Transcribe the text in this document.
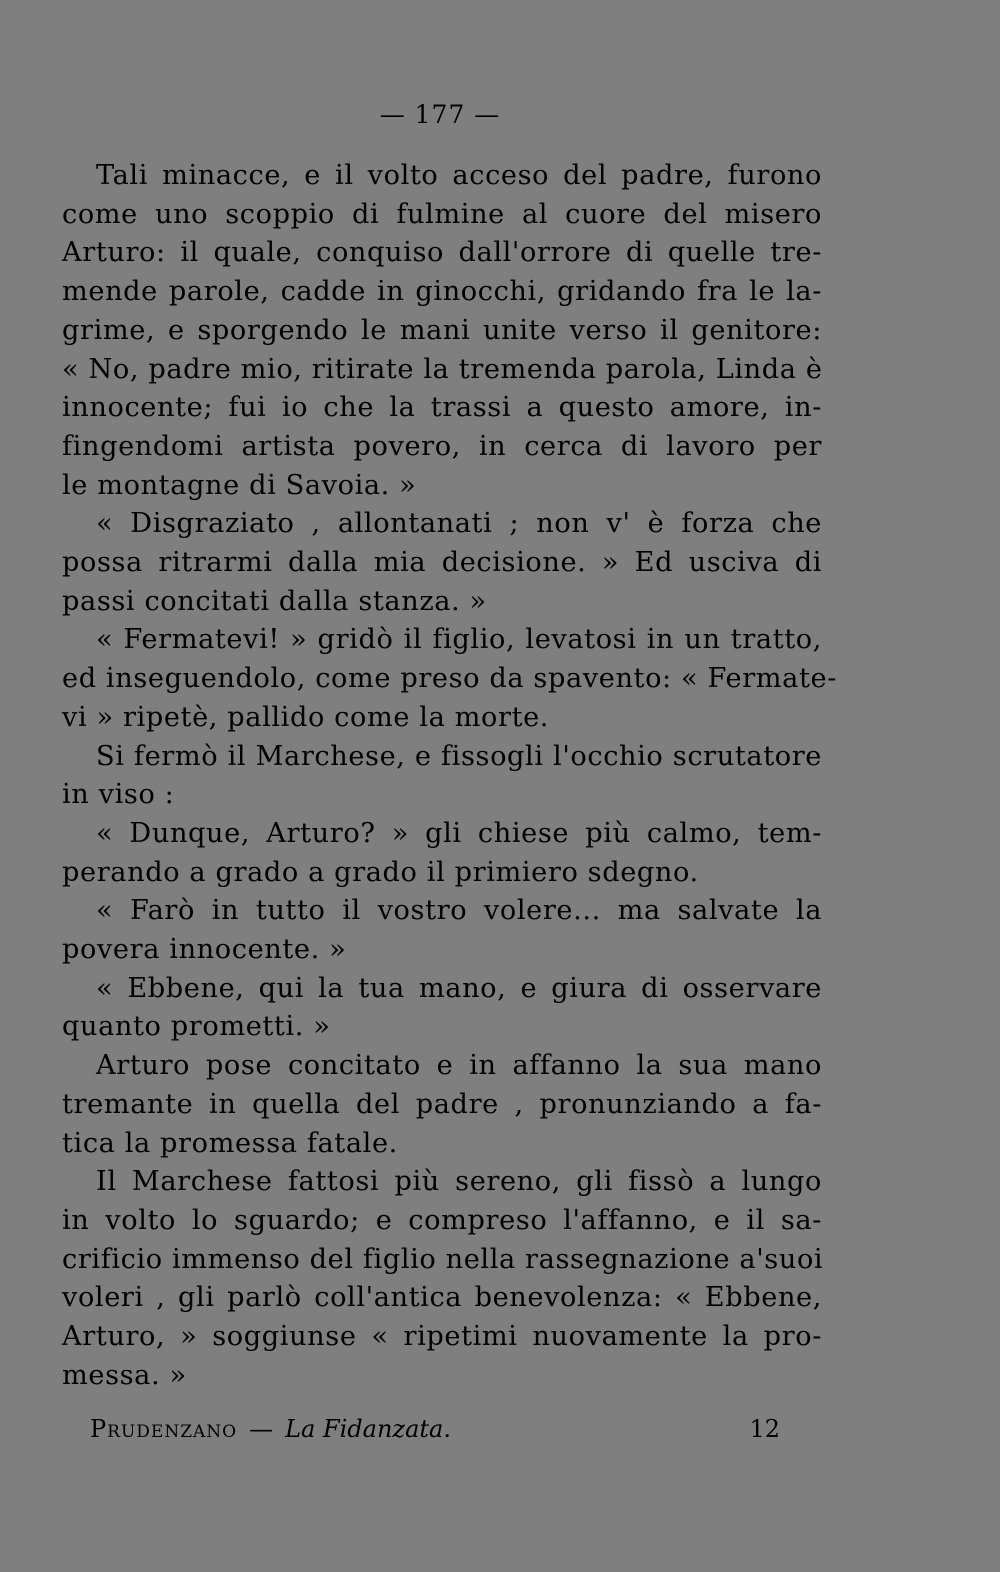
— 177 —
Tali minacce, e il volto acceso del padre, furono
come uno scoppio di fulmine al cuore del misero
Arturo: il quale, conquiso dall'orrore di quelle tre-
mende parole, cadde in ginocchi, gridando fra le la-
grime, e sporgendo le mani unite verso il genitore:
« No, padre mio, ritirate la tremenda parola, Linda è
innocente; fui io che la trassi a questo amore, in-
fingendomi artista povero, in cerca di lavoro per
le montagne di Savoia. »
« Disgraziato , allontanati ; non v' è forza che
possa ritrarmi dalla mia decisione. » Ed usciva di
passi concitati dalla stanza. »
« Fermatevi! » gridò il figlio, levatosi in un tratto,
ed inseguendolo, come preso da spavento: « Fermate-
vi » ripetè, pallido come la morte.
Si fermò il Marchese, e fissogli l'occhio scrutatore
in viso :
« Dunque, Arturo? » gli chiese più calmo, tem-
perando a grado a grado il primiero sdegno.
« Farò in tutto il vostro volere... ma salvate la
povera innocente. »
« Ebbene, qui la tua mano, e giura di osservare
quanto prometti. »
Arturo pose concitato e in affanno la sua mano
tremante in quella del padre , pronunziando a fa-
tica la promessa fatale.
Il Marchese fattosi più sereno, gli fissò a lungo
in volto lo sguardo; e compreso l'affanno, e il sa-
crificio immenso del figlio nella rassegnazione a'suoi
voleri , gli parlò coll'antica benevolenza: « Ebbene,
Arturo, » soggiunse « ripetimi nuovamente la pro-
messa. »
Prudenzano — La Fidanzata.	12
